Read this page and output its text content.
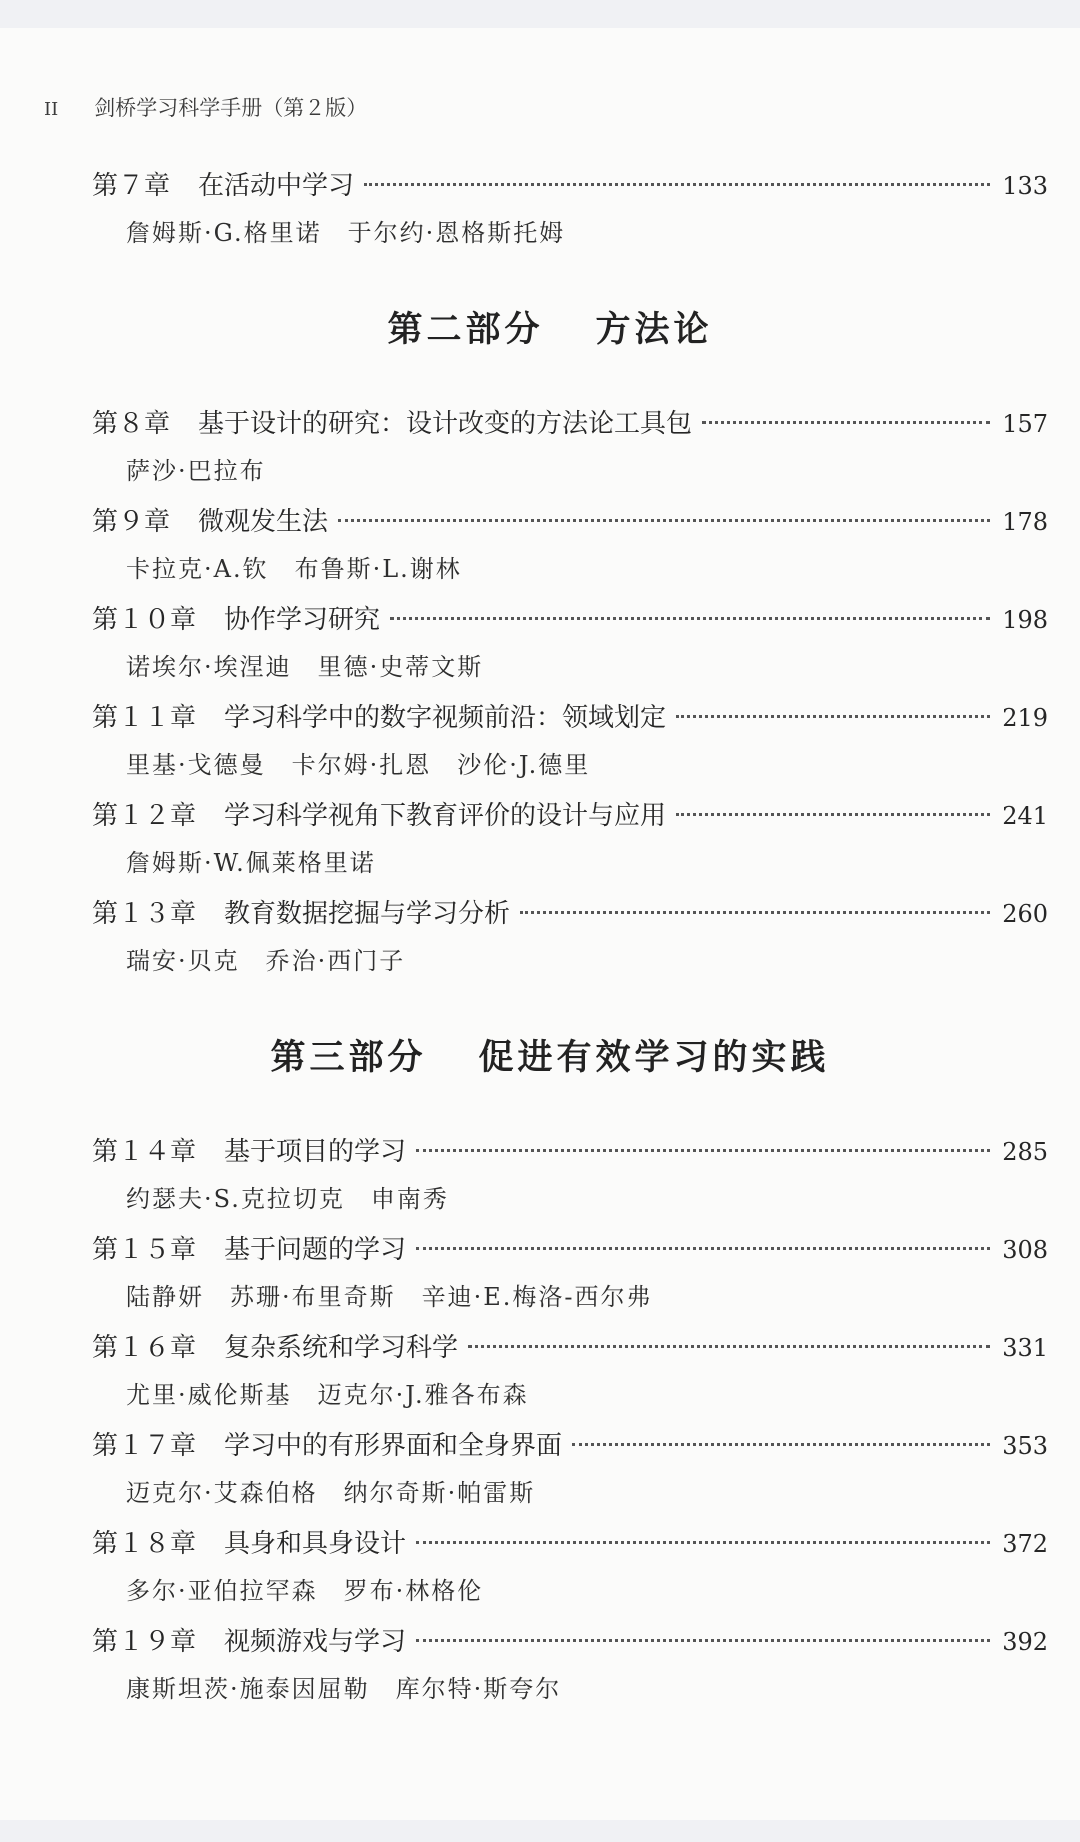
II 剑桥学习科学手册（第２版）
第７章	在活动中学习	133
詹姆斯·G.格里诺　于尔约·恩格斯托姆
第二部分 方法论
第８章	基于设计的研究：设计改变的方法论工具包	157
萨沙·巴拉布
第９章	微观发生法	178
卡拉克·A.钦　布鲁斯·L.谢林
第１０章	协作学习研究	198
诺埃尔·埃涅迪　里德·史蒂文斯
第１１章	学习科学中的数字视频前沿：领域划定	219
里基·戈德曼　卡尔姆·扎恩　沙伦·J.德里
第１２章	学习科学视角下教育评价的设计与应用	241
詹姆斯·W.佩莱格里诺
第１３章	教育数据挖掘与学习分析	260
瑞安·贝克　乔治·西门子
第三部分 促进有效学习的实践
第１４章	基于项目的学习	285
约瑟夫·S.克拉切克　申南秀
第１５章	基于问题的学习	308
陆静妍　苏珊·布里奇斯　辛迪·E.梅洛-西尔弗
第１６章	复杂系统和学习科学	331
尤里·威伦斯基　迈克尔·J.雅各布森
第１７章	学习中的有形界面和全身界面	353
迈克尔·艾森伯格　纳尔奇斯·帕雷斯
第１８章	具身和具身设计	372
多尔·亚伯拉罕森　罗布·林格伦
第１９章	视频游戏与学习	392
康斯坦茨·施泰因屈勒　库尔特·斯夸尔
